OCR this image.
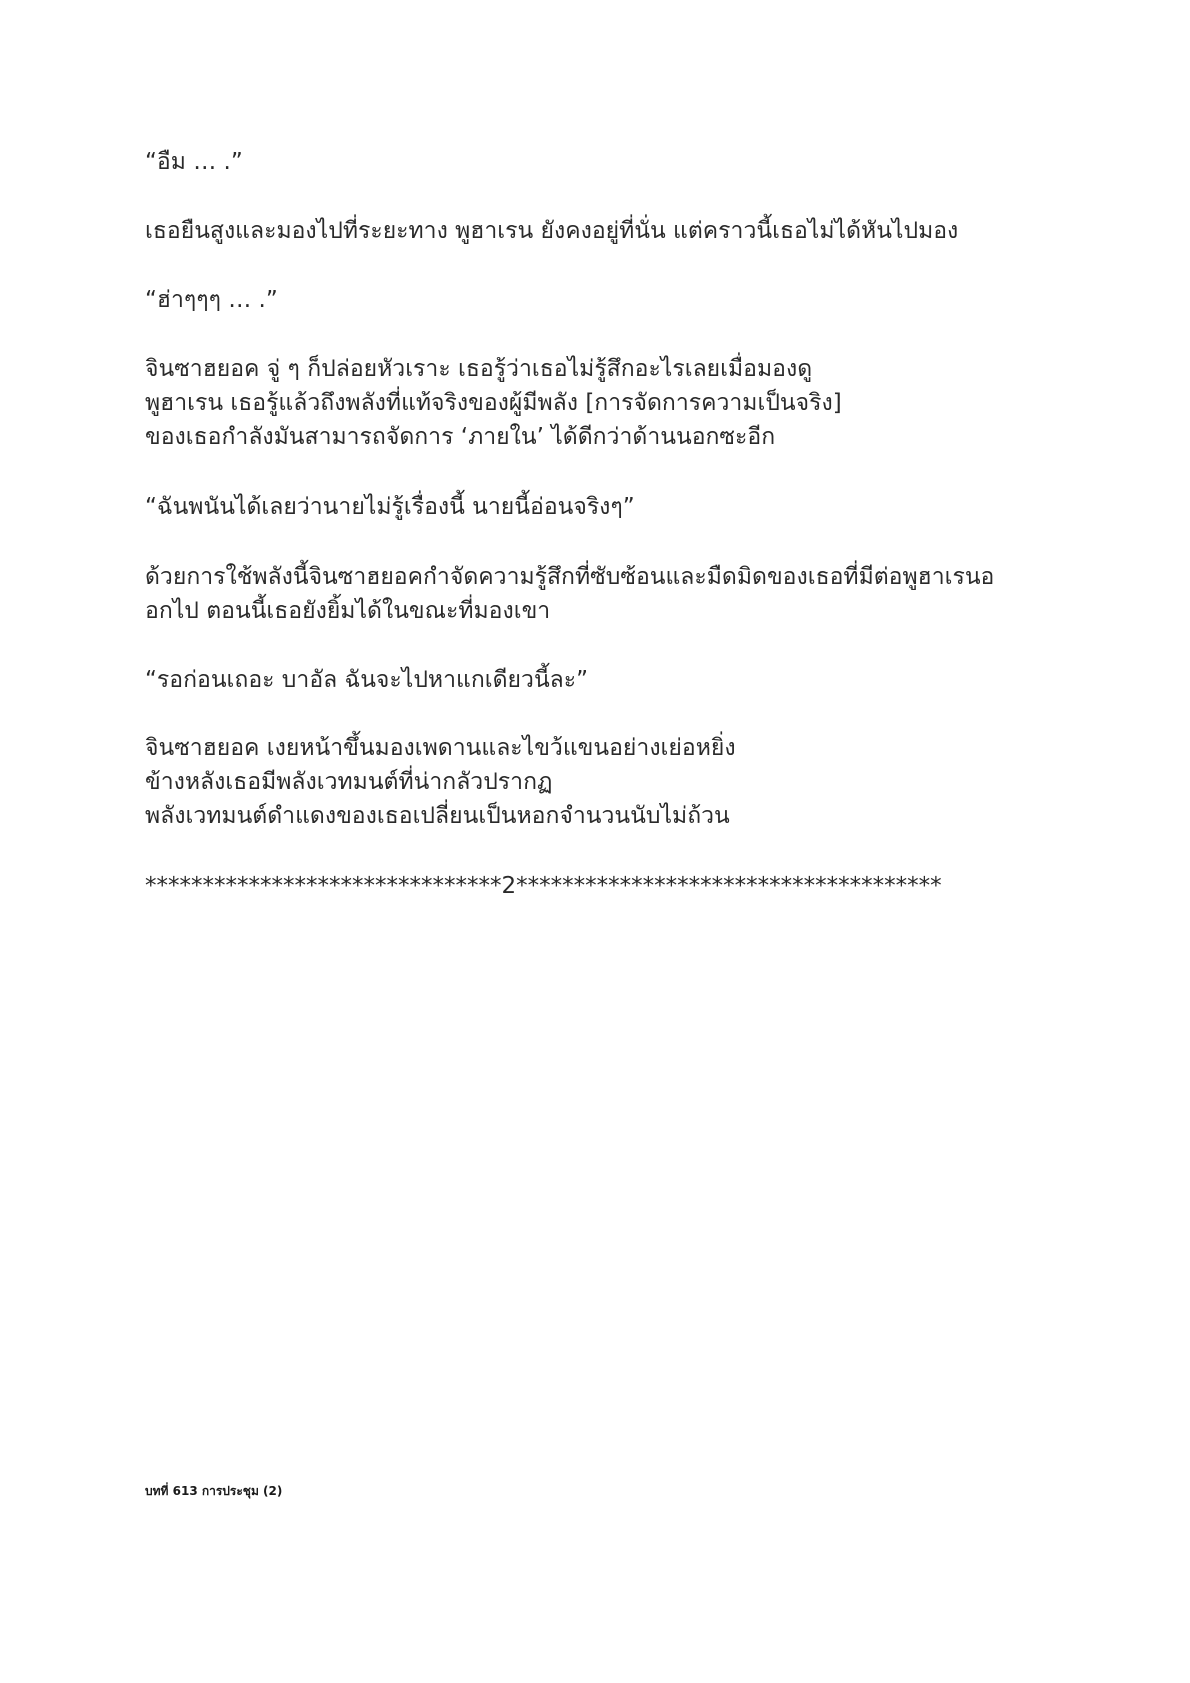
“อืม … .”

เธอยืนสูงและมองไปที่ระยะทาง พูฮาเรน ยังคงอยู่ที่นั่น แต่คราวนี้เธอไม่ได้หันไปมอง

“ฮ่าๆๆๆ … .”

จินซาฮยอค จู่ ๆ ก็ปล่อยหัวเราะ เธอรู้ว่าเธอไม่รู้สึกอะไรเลยเมื่อมองดู
พูฮาเรน เธอรู้แล้วถึงพลังที่แท้จริงของผู้มีพลัง [การจัดการความเป็นจริง]
ของเธอกำลังมันสามารถจัดการ ‘ภายใน’ ได้ดีกว่าด้านนอกซะอีก

“ฉันพนันได้เลยว่านายไม่รู้เรื่องนี้ นายนี้อ่อนจริงๆ”

ด้วยการใช้พลังนี้จินซาฮยอคกำจัดความรู้สึกที่ซับซ้อนและมืดมิดของเธอที่มีต่อพูฮาเรนอ
อกไป ตอนนี้เธอยังยิ้มได้ในขณะที่มองเขา

“รอก่อนเถอะ บาอัล ฉันจะไปหาแกเดียวนี้ละ”

จินซาฮยอค เงยหน้าขึ้นมองเพดานและไขว้แขนอย่างเย่อหยิ่ง
ข้างหลังเธอมีพลังเวทมนต์ที่น่ากลัวปรากฏ
พลังเวทมนต์ดำแดงของเธอเปลี่ยนเป็นหอกจำนวนนับไม่ถ้วน

*******************************2*************************************

บทที่ 613 การประชุม (2)
